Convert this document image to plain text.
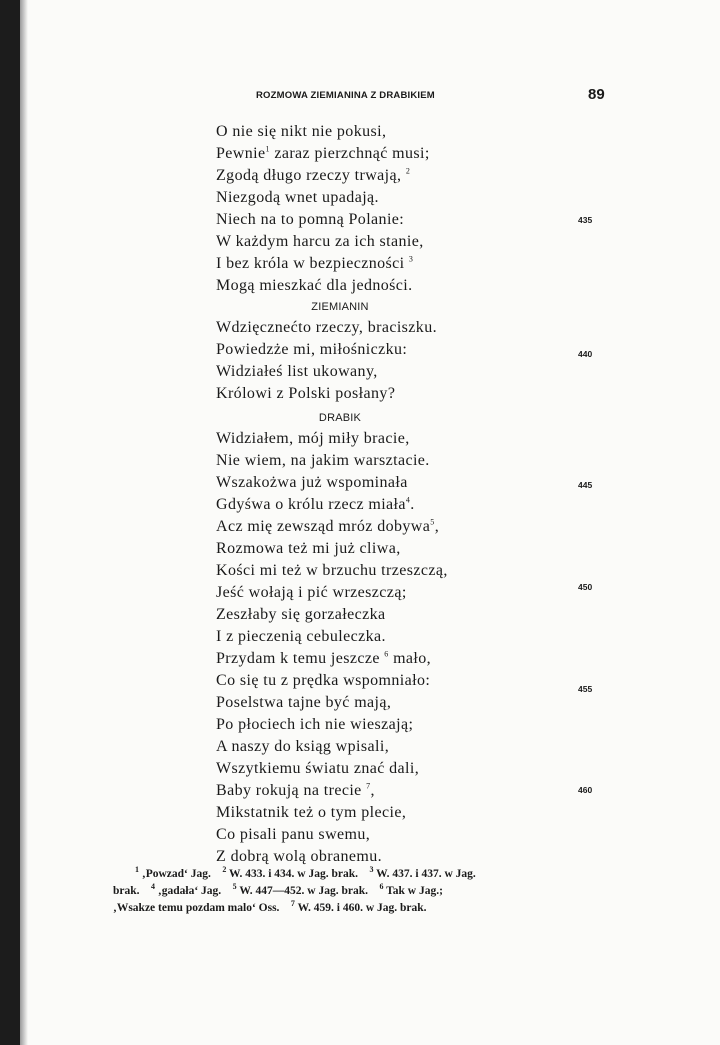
ROZMOWA ZIEMIANINA Z DRABIKIEM	89
O nie się nikt nie pokusi,
Pewnie$^1$ zaraz pierzchnąć musi;
Zgodą długo rzeczy trwają, $^2$
Niezgodą wnet upadają.
Niech na to pomną Polanie:	435
W każdym harcu za ich stanie,
I bez króla w bezpieczności $^3$
Mogą mieszkać dla jedności.
ZIEMIANIN
Wdzięcznećto rzeczy, braciszku.
Powiedzże mi, miłośniczku:	440
Widziałeś list ukowany,
Królowi z Polski posłany?
DRABIK
Widziałem, mój miły bracie,
Nie wiem, na jakim warsztacie.
Wszakożwa już wspominała	445
Gdyśwa o królu rzecz miała$^4$.
Acz mię zewsząd mróz dobywa$^5$,
Rozmowa też mi już cliwa,
Kości mi też w brzuchu trzeszczą,
Jeść wołają i pić wrzeszczą;	450
Zeszłaby się gorzałeczka
I z pieczenią cebuleczka.
Przydam k temu jeszcze $^6$ mało,
Co się tu z prędka wspomniało:
Poselstwa tajne być mają,
455
Po płociech ich nie wieszają;
A naszy do ksiąg wpisali,
Wszytkiemu światu znać dali,
Baby rokują na trecie $^7$,
Mikstatnik też o tym plecie,
460
Co pisali panu swemu,
Z dobrą wolą obranemu.
$^1$ ‚Powzad‘ Jag. $^2$ W. 433. i 434. w Jag. brak. $^3$ W. 437. i 437. w Jag.
brak. $^4$ ‚gadała‘ Jag. $^5$ W. 447—452. w Jag. brak. $^6$ Tak w Jag.;
‚Wsakze temu pozdam malo‘ Oss. $^7$ W. 459. i 460. w Jag. brak.
